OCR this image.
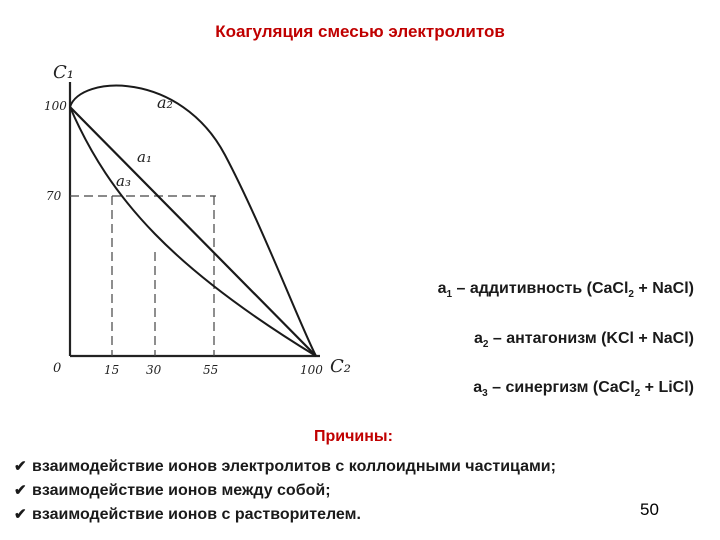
Коагуляция смесью электролитов
C₁
C₂
0
100
70
15 30	55	100
a₁
a₂
a₃
$a_1$ – аддитивность (CaCl$_2$ + NaCl)
$a_2$ – антагонизм (KCl + NaCl)
$a_3$ – синергизм (CaCl$_2$ + LiCl)
Причины:
✔ взаимодействие ионов электролитов с коллоидными частицами;
✔ взаимодействие ионов между собой;
✔ взаимодействие ионов с растворителем.	50
